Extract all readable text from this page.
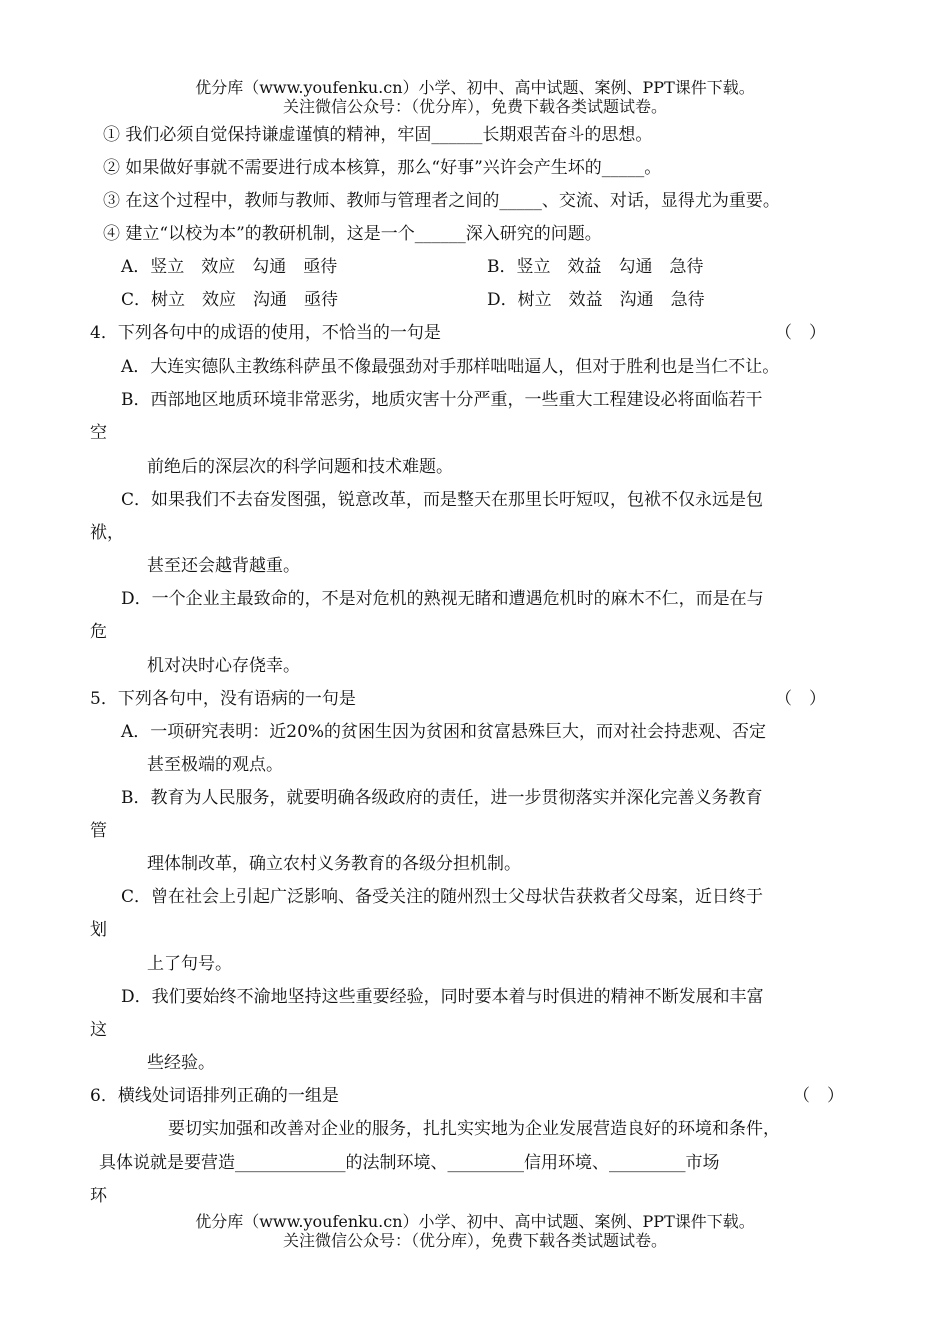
优分库（www.youfenku.cn）小学、初中、高中试题、案例、PPT课件下载。
关注微信公众号：（优分库），免费下载各类试题试卷。
① 我们必须自觉保持谦虚谨慎的精神，牢固______长期艰苦奋斗的思想。
② 如果做好事就不需要进行成本核算，那么“好事”兴许会产生坏的_____。
③ 在这个过程中，教师与教师、教师与管理者之间的_____、交流、对话，显得尤为重要。
④ 建立“以校为本”的教研机制，这是一个______深入研究的问题。
A．竖立　效应　勾通　亟待	B．竖立　效益　勾通　急待
C．树立　效应　沟通　亟待	D．树立　效益　沟通　急待
4．下列各句中的成语的使用，不恰当的一句是	（　）
A．大连实德队主教练科萨虽不像最强劲对手那样咄咄逼人，但对于胜利也是当仁不让。
B．西部地区地质环境非常恶劣，地质灾害十分严重，一些重大工程建设必将面临若干
空
前绝后的深层次的科学问题和技术难题。
C．如果我们不去奋发图强，锐意改革，而是整天在那里长吁短叹，包袱不仅永远是包
袱，
甚至还会越背越重。
D．一个企业主最致命的，不是对危机的熟视无睹和遭遇危机时的麻木不仁，而是在与
危
机对决时心存侥幸。
5．下列各句中，没有语病的一句是	（　）
A．一项研究表明：近20%的贫困生因为贫困和贫富悬殊巨大，而对社会持悲观、否定
甚至极端的观点。
B．教育为人民服务，就要明确各级政府的责任，进一步贯彻落实并深化完善义务教育
管
理体制改革，确立农村义务教育的各级分担机制。
C．曾在社会上引起广泛影响、备受关注的随州烈士父母状告获救者父母案，近日终于
划
上了句号。
D．我们要始终不渝地坚持这些重要经验，同时要本着与时俱进的精神不断发展和丰富
这
些经验。
6．横线处词语排列正确的一组是	（　）
要切实加强和改善对企业的服务，扎扎实实地为企业发展营造良好的环境和条件，
具体说就是要营造_____________的法制环境、_________信用环境、_________市场
环
优分库（www.youfenku.cn）小学、初中、高中试题、案例、PPT课件下载。
关注微信公众号：（优分库），免费下载各类试题试卷。
